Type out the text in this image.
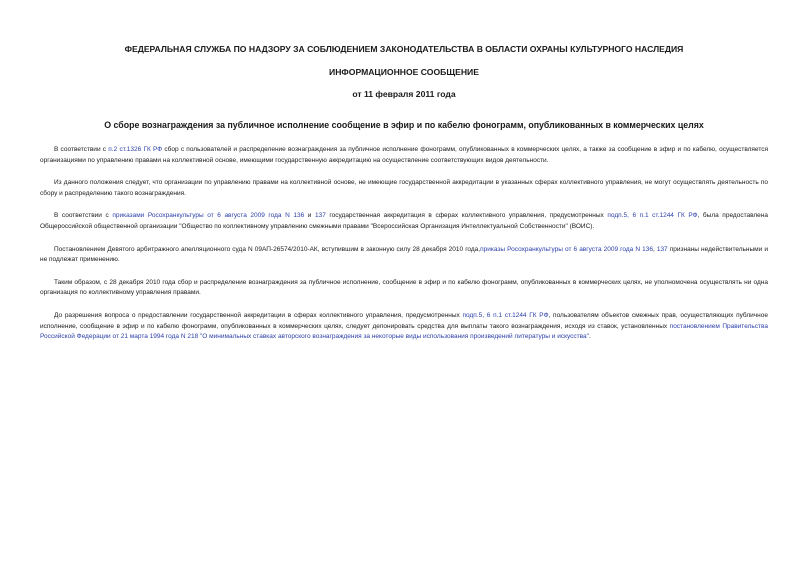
ФЕДЕРАЛЬНАЯ СЛУЖБА ПО НАДЗОРУ ЗА СОБЛЮДЕНИЕМ ЗАКОНОДАТЕЛЬСТВА В ОБЛАСТИ ОХРАНЫ КУЛЬТУРНОГО НАСЛЕДИЯ
ИНФОРМАЦИОННОЕ СООБЩЕНИЕ
от 11 февраля 2011 года
О сборе вознаграждения за публичное исполнение сообщение в эфир и по кабелю фонограмм, опубликованных в коммерческих целях

В соответствии с п.2 ст.1326 ГК РФ сбор с пользователей и распределение вознаграждения за публичное исполнение фонограмм, опубликованных в коммерческих целях, а также за сообщение в эфир и по кабелю, осуществляется организациями по управлению правами на коллективной основе, имеющими государственную аккредитацию на осуществление соответствующих видов деятельности.

Из данного положения следует, что организации по управлению правами на коллективной основе, не имеющие государственной аккредитации в указанных сферах коллективного управления, не могут осуществлять деятельность по сбору и распределению такого вознаграждения.

В соответствии с приказами Росохранкультуры от 6 августа 2009 года N 136 и 137 государственная аккредитация в сферах коллективного управления, предусмотренных подп.5, 6 п.1 ст.1244 ГК РФ, была предоставлена Общероссийской общественной организации "Общество по коллективному управлению смежными правами "Всероссийская Организация Интеллектуальной Собственности" (ВОИС).

Постановлением Девятого арбитражного апелляционного суда N 09АП-26574/2010-АК, вступившим в законную силу 28 декабря 2010 года,приказы Росохранкультуры от 6 августа 2009 года N 136, 137 признаны недействительными и не подлежат применению.

Таким образом, с 28 декабря 2010 года сбор и распределение вознаграждения за публичное исполнение, сообщение в эфир и по кабелю фонограмм, опубликованных в коммерческих целях, не уполномочена осуществлять ни одна организация по коллективному управления правами.

До разрешения вопроса о предоставлении государственной аккредитации в сферах коллективного управления, предусмотренных подп.5, 6 п.1 ст.1244 ГК РФ, пользователям объектов смежных прав, осуществляющих публичное исполнение, сообщение в эфир и по кабелю фонограмм, опубликованных в коммерческих целях, следует депонировать средства для выплаты такого вознаграждения, исходя из ставок, установленных постановлением Правительства Российской Федерации от 21 марта 1994 года N 218 "О минимальных ставках авторского вознаграждения за некоторые виды использования произведений литературы и искусства".
